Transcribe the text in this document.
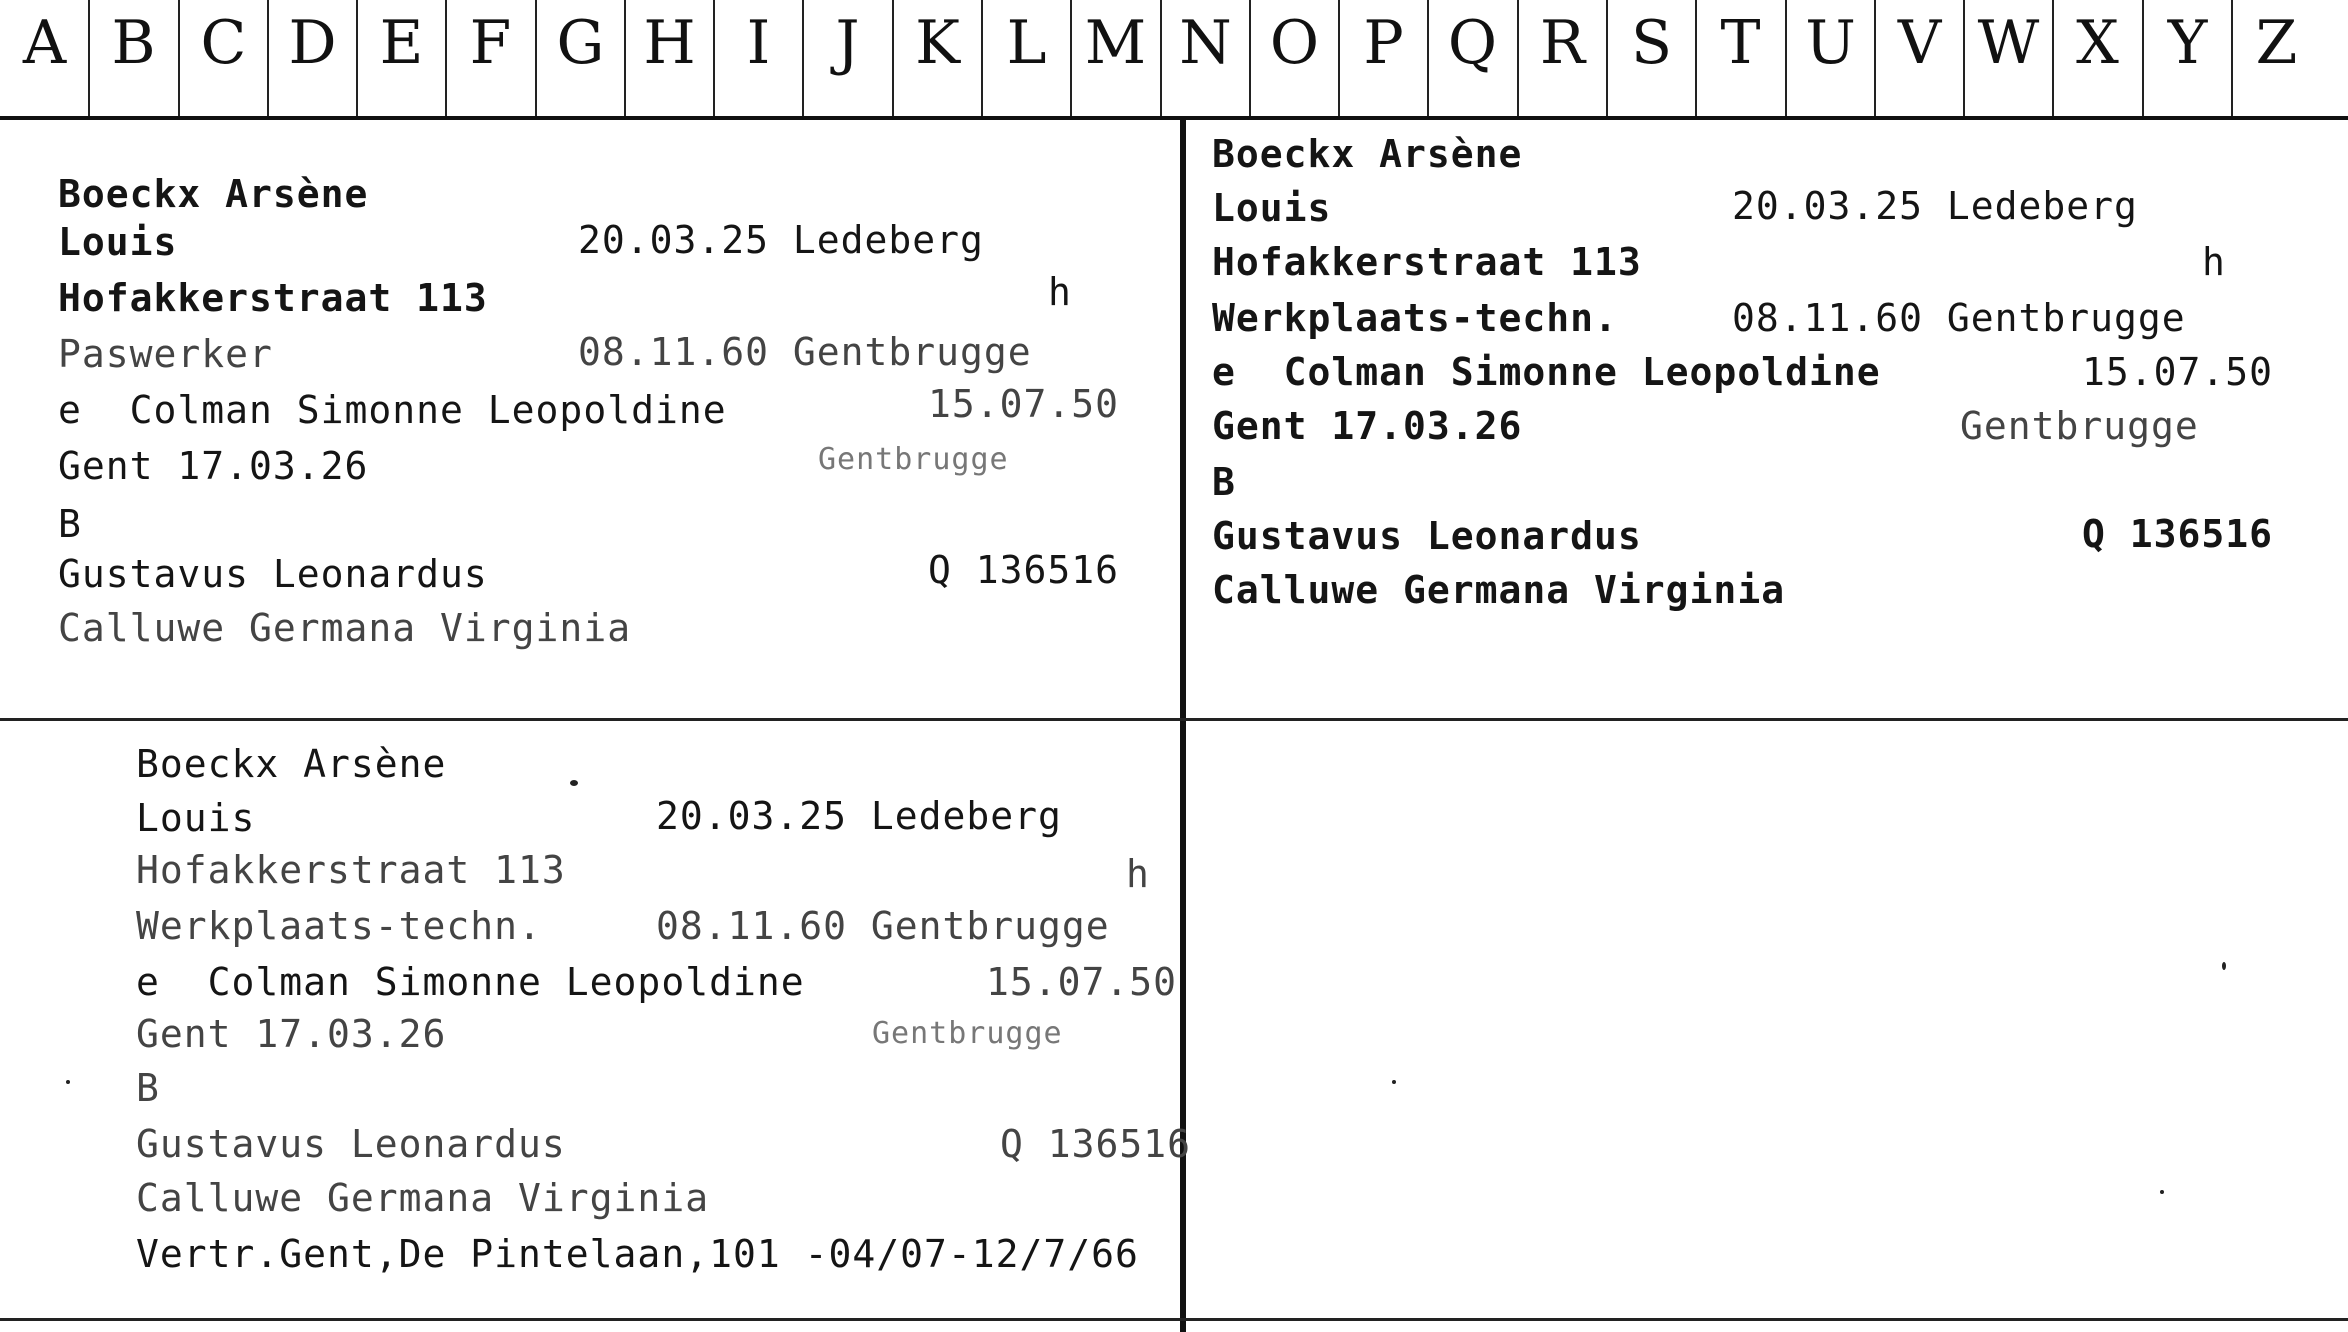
A B C D E F G H I	J K L M N O P Q R S T U V W X Y Z
Boeckx Arsène
Louis	20.03.25 Ledeberg
Hofakkerstraat 113	h
Paswerker	08.11.60 Gentbrugge
e  Colman Simonne Leopoldine	15.07.50
Gent 17.03.26	Gentbrugge
B
Gustavus Leonardus	Q 136516
Calluwe Germana Virginia
Boeckx Arsène
Louis	20.03.25 Ledeberg
Hofakkerstraat 113	h
Werkplaats-techn.	08.11.60 Gentbrugge
e  Colman Simonne Leopoldine	15.07.50
Gent 17.03.26	Gentbrugge
B
Gustavus Leonardus	Q 136516
Calluwe Germana Virginia
Boeckx Arsène
Louis	20.03.25 Ledeberg
Hofakkerstraat 113	h
Werkplaats-techn.	08.11.60 Gentbrugge
e  Colman Simonne Leopoldine	15.07.50
Gent 17.03.26	Gentbrugge
B
Gustavus Leonardus	Q 136516
Calluwe Germana Virginia
Vertr.Gent,De Pintelaan,101 -04/07-12/7/66
